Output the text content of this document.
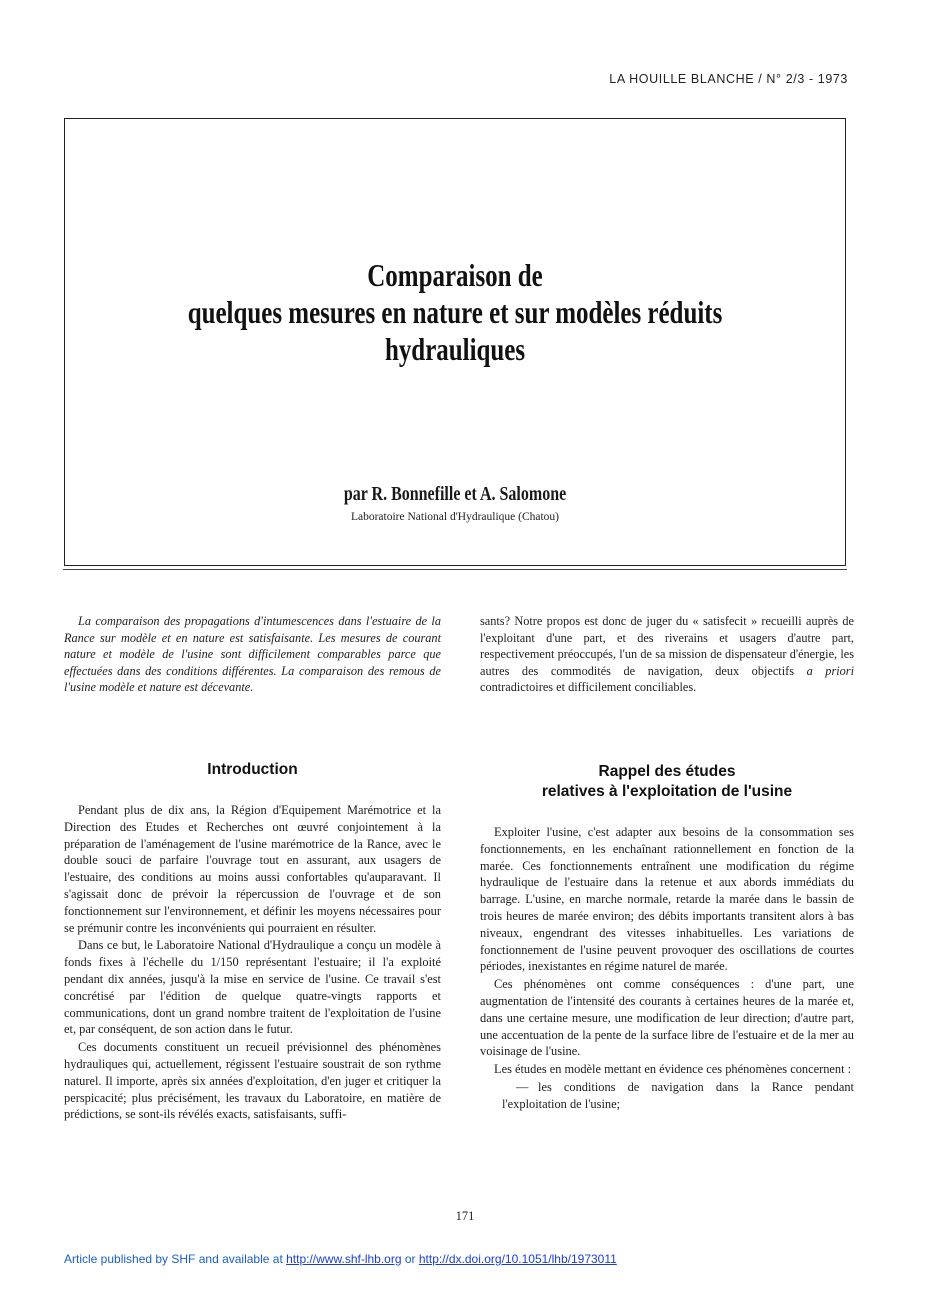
LA HOUILLE BLANCHE / N° 2/3 - 1973
Comparaison de
quelques mesures en nature et sur modèles réduits
hydrauliques
par R. Bonnefille et A. Salomone
Laboratoire National d'Hydraulique (Chatou)
La comparaison des propagations d'intumescences dans l'estuaire de la Rance sur modèle et en nature est satisfaisante. Les mesures de courant nature et modèle de l'usine sont difficilement comparables parce que effectuées dans des conditions différentes. La comparaison des remous de l'usine modèle et nature est décevante.
sants? Notre propos est donc de juger du « satisfecit » recueilli auprès de l'exploitant d'une part, et des riverains et usagers d'autre part, respectivement préoccupés, l'un de sa mission de dispensateur d'énergie, les autres des commodités de navigation, deux objectifs a priori contradictoires et difficilement conciliables.
Introduction

Pendant plus de dix ans, la Région d'Equipement Marémotrice et la Direction des Etudes et Recherches ont œuvré conjointement à la préparation de l'aménagement de l'usine marémotrice de la Rance, avec le double souci de parfaire l'ouvrage tout en assurant, aux usagers de l'estuaire, des conditions au moins aussi confortables qu'auparavant. Il s'agissait donc de prévoir la répercussion de l'ouvrage et de son fonctionnement sur l'environnement, et définir les moyens nécessaires pour se prémunir contre les inconvénients qui pourraient en résulter.

Dans ce but, le Laboratoire National d'Hydraulique a conçu un modèle à fonds fixes à l'échelle du 1/150 représentant l'estuaire; il l'a exploité pendant dix années, jusqu'à la mise en service de l'usine. Ce travail s'est concrétisé par l'édition de quelque quatre-vingts rapports et communications, dont un grand nombre traitent de l'exploitation de l'usine et, par conséquent, de son action dans le futur.

Ces documents constituent un recueil prévisionnel des phénomènes hydrauliques qui, actuellement, régissent l'estuaire soustrait de son rythme naturel. Il importe, après six années d'exploitation, d'en juger et critiquer la perspicacité; plus précisément, les travaux du Laboratoire, en matière de prédictions, se sont-ils révélés exacts, satisfaisants, suffi-

Rappel des études
relatives à l'exploitation de l'usine

Exploiter l'usine, c'est adapter aux besoins de la consommation ses fonctionnements, en les enchaînant rationnellement en fonction de la marée. Ces fonctionnements entraînent une modification du régime hydraulique de l'estuaire dans la retenue et aux abords immédiats du barrage. L'usine, en marche normale, retarde la marée dans le bassin de trois heures de marée environ; des débits importants transitent alors à bas niveaux, engendrant des vitesses inhabituelles. Les variations de fonctionnement de l'usine peuvent provoquer des oscillations de courtes périodes, inexistantes en régime naturel de marée.

Ces phénomènes ont comme conséquences : d'une part, une augmentation de l'intensité des courants à certaines heures de la marée et, dans une certaine mesure, une modification de leur direction; d'autre part, une accentuation de la pente de la surface libre de l'estuaire et de la mer au voisinage de l'usine.

Les études en modèle mettant en évidence ces phénomènes concernent :

— les conditions de navigation dans la Rance pendant l'exploitation de l'usine;

171
Article published by SHF and available at http://www.shf-lhb.org or http://dx.doi.org/10.1051/lhb/1973011
